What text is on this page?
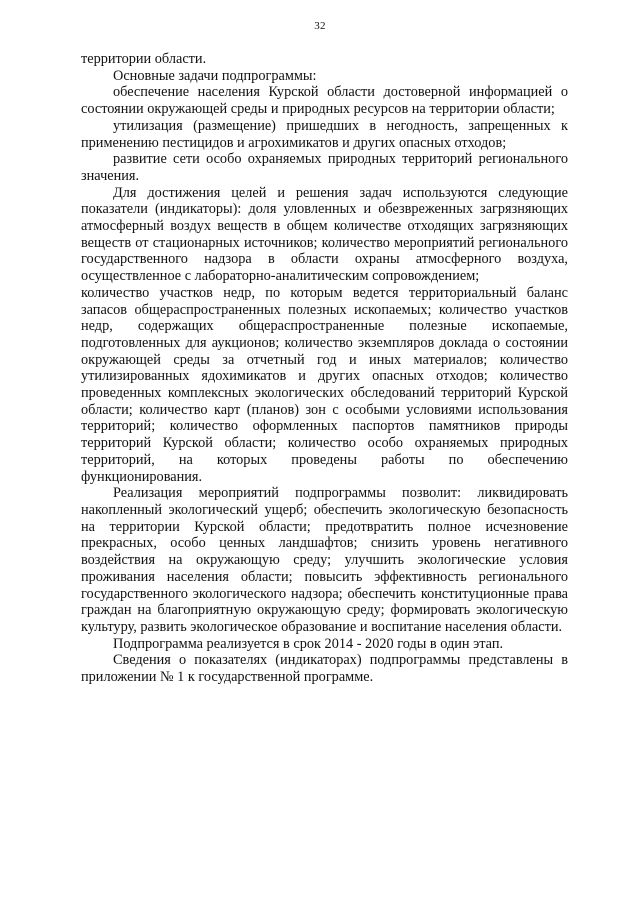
32

территории области.

Основные задачи подпрограммы:

обеспечение населения Курской области достоверной информацией о состоянии окружающей среды и природных ресурсов на территории области;

утилизация (размещение) пришедших в негодность, запрещенных к применению пестицидов и агрохимикатов и других опасных отходов;

развитие сети особо охраняемых природных территорий регионального значения.

Для достижения целей и решения задач используются следующие показатели (индикаторы): доля уловленных и обезвреженных загрязняющих атмосферный воздух веществ в общем количестве отходящих загрязняющих веществ от стационарных источников; количество мероприятий регионального государственного надзора в области охраны атмосферного воздуха, осуществленное с лабораторно-аналитическим сопровождением;

количество участков недр, по которым ведется территориальный баланс запасов общераспространенных полезных ископаемых; количество участков недр, содержащих общераспространенные полезные ископаемые, подготовленных для аукционов; количество экземпляров доклада о состоянии окружающей среды за отчетный год и иных материалов; количество утилизированных ядохимикатов и других опасных отходов; количество проведенных комплексных экологических обследований территорий Курской области; количество карт (планов) зон с особыми условиями использования территорий; количество оформленных паспортов памятников природы территорий Курской области; количество особо охраняемых природных территорий, на которых проведены работы по обеспечению функционирования.

Реализация мероприятий подпрограммы позволит: ликвидировать накопленный экологический ущерб; обеспечить экологическую безопасность на территории Курской области; предотвратить полное исчезновение прекрасных, особо ценных ландшафтов; снизить уровень негативного воздействия на окружающую среду; улучшить экологические условия проживания населения области; повысить эффективность регионального государственного экологического надзора; обеспечить конституционные права граждан на благоприятную окружающую среду; формировать экологическую культуру, развить экологическое образование и воспитание населения области.

Подпрограмма реализуется в срок 2014 - 2020 годы в один этап.

Сведения о показателях (индикаторах) подпрограммы представлены в приложении № 1 к государственной программе.
